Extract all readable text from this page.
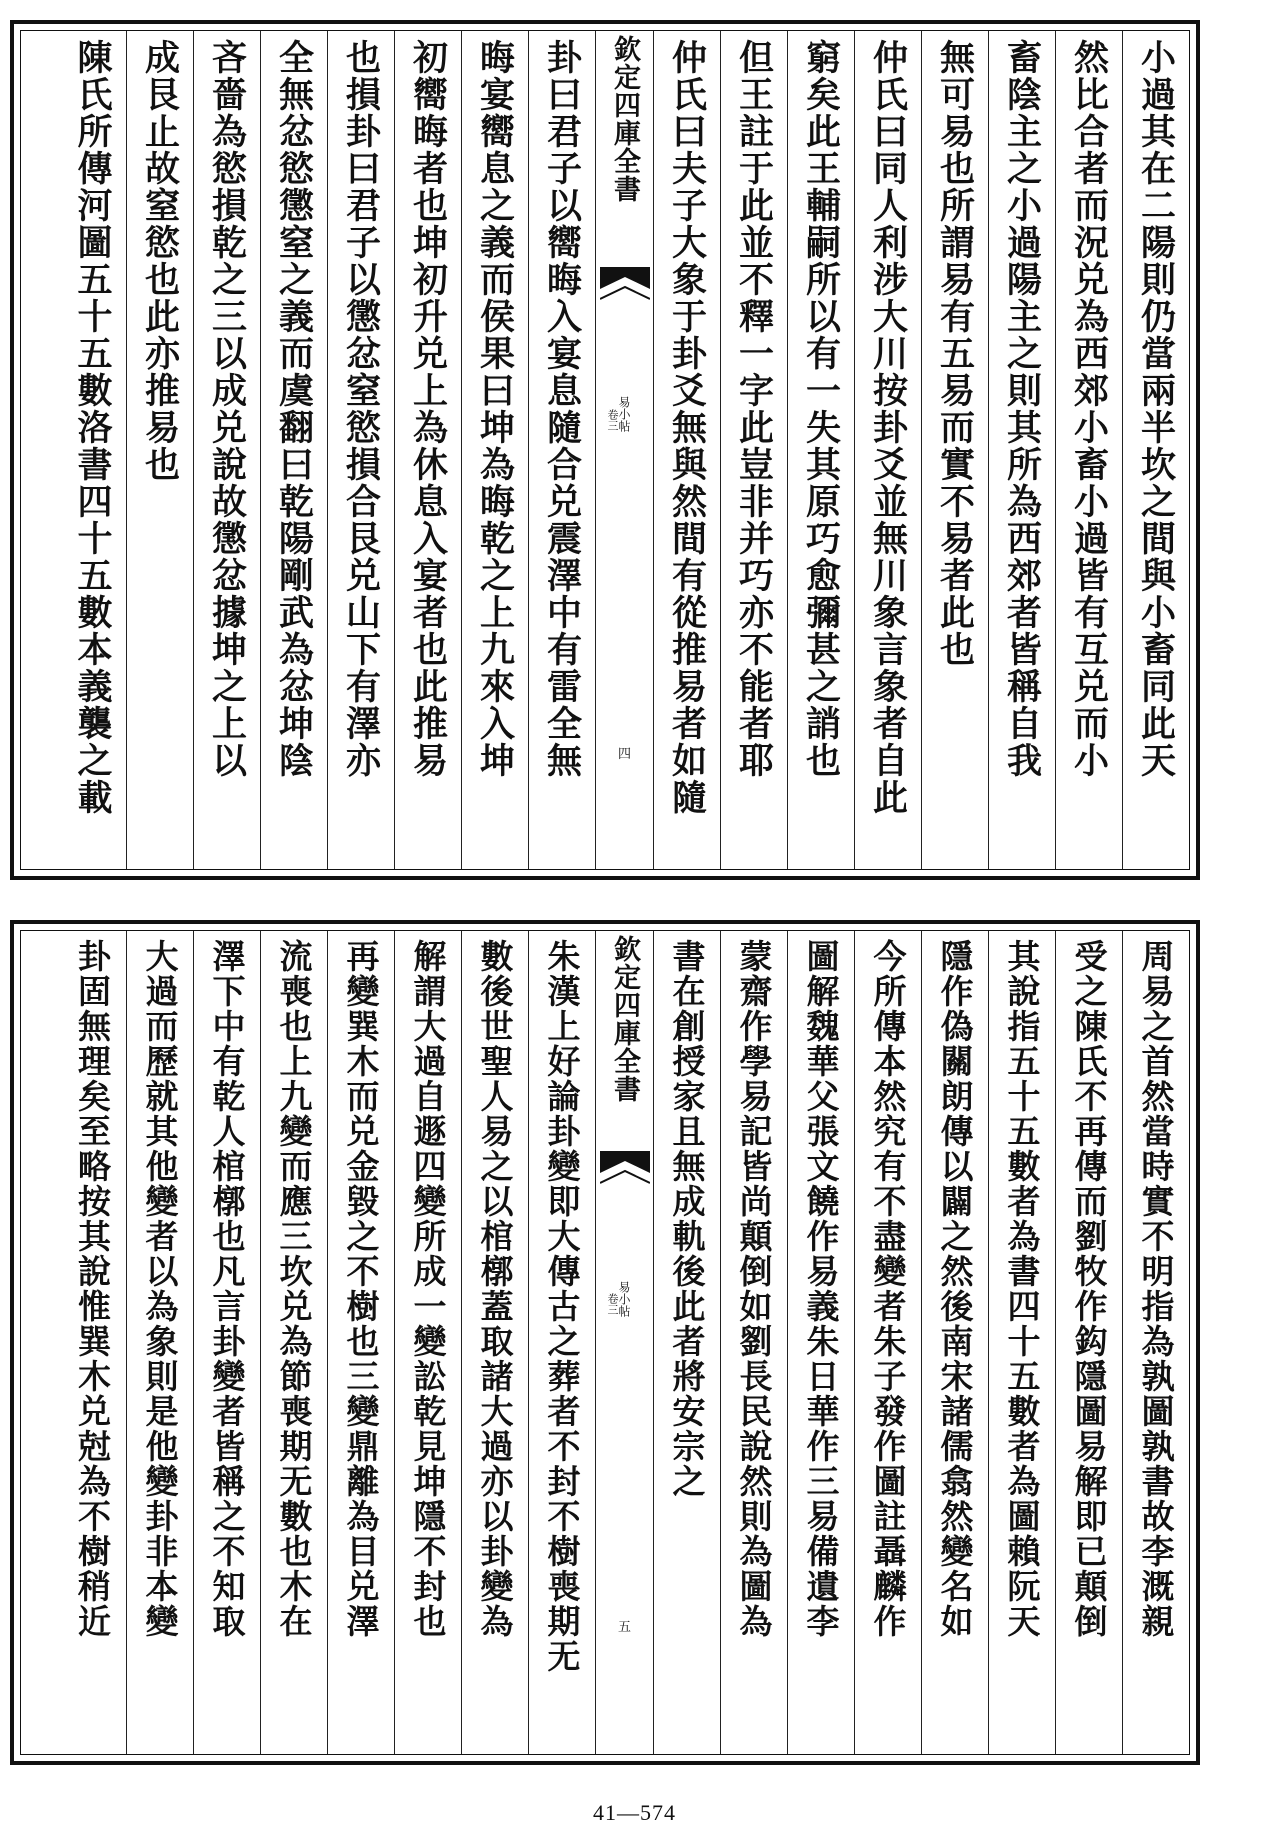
小過其在二陽則仍當兩半坎之間與小畜同此天
然比合者而況兑為西郊小畜小過皆有互兑而小
畜陰主之小過陽主之則其所為西郊者皆稱自我
無可易也所謂易有五易而實不易者此也
仲氏曰同人利涉大川按卦爻並無川象言象者自此
窮矣此王輔嗣所以有一失其原巧愈彌甚之誚也
但王註于此並不釋一字此豈非并巧亦不能者耶
仲氏曰夫子大象于卦爻無與然間有從推易者如隨
欽定四庫全書
易小帖
卷三
四
卦曰君子以嚮晦入宴息隨合兑震澤中有雷全無
晦宴嚮息之義而侯果曰坤為晦乾之上九來入坤
初嚮晦者也坤初升兑上為休息入宴者也此推易
也損卦曰君子以懲忿窒慾損合艮兑山下有澤亦
全無忿慾懲窒之義而虞翻曰乾陽剛武為忿坤陰
吝嗇為慾損乾之三以成兑說故懲忿據坤之上以
成艮止故窒慾也此亦推易也
陳氏所傳河圖五十五數洛書四十五數本義襲之載
周易之首然當時實不明指為孰圖孰書故李溉親
受之陳氏不再傳而劉牧作鈎隱圖易解即已顛倒
其說指五十五數者為書四十五數者為圖賴阮天
隱作偽關朗傳以闢之然後南宋諸儒翕然變名如
今所傳本然究有不盡變者朱子發作圖註聶麟作
圖解魏華父張文饒作易義朱日華作三易備遺李
蒙齋作學易記皆尚顛倒如劉長民說然則為圖為
書在創授家且無成軌後此者將安宗之
欽定四庫全書
易小帖
卷三
五
朱漢上好論卦變即大傳古之葬者不封不樹喪期无
數後世聖人易之以棺槨蓋取諸大過亦以卦變為
解謂大過自遯四變所成一變訟乾見坤隱不封也
再變巽木而兑金毀之不樹也三變鼎離為目兑澤
流喪也上九變而應三坎兑為節喪期无數也木在
澤下中有乾人棺槨也凡言卦變者皆稱之不知取
大過而歷就其他變者以為象則是他變卦非本變
卦固無理矣至略按其說惟巽木兑尅為不樹稍近
41—574
